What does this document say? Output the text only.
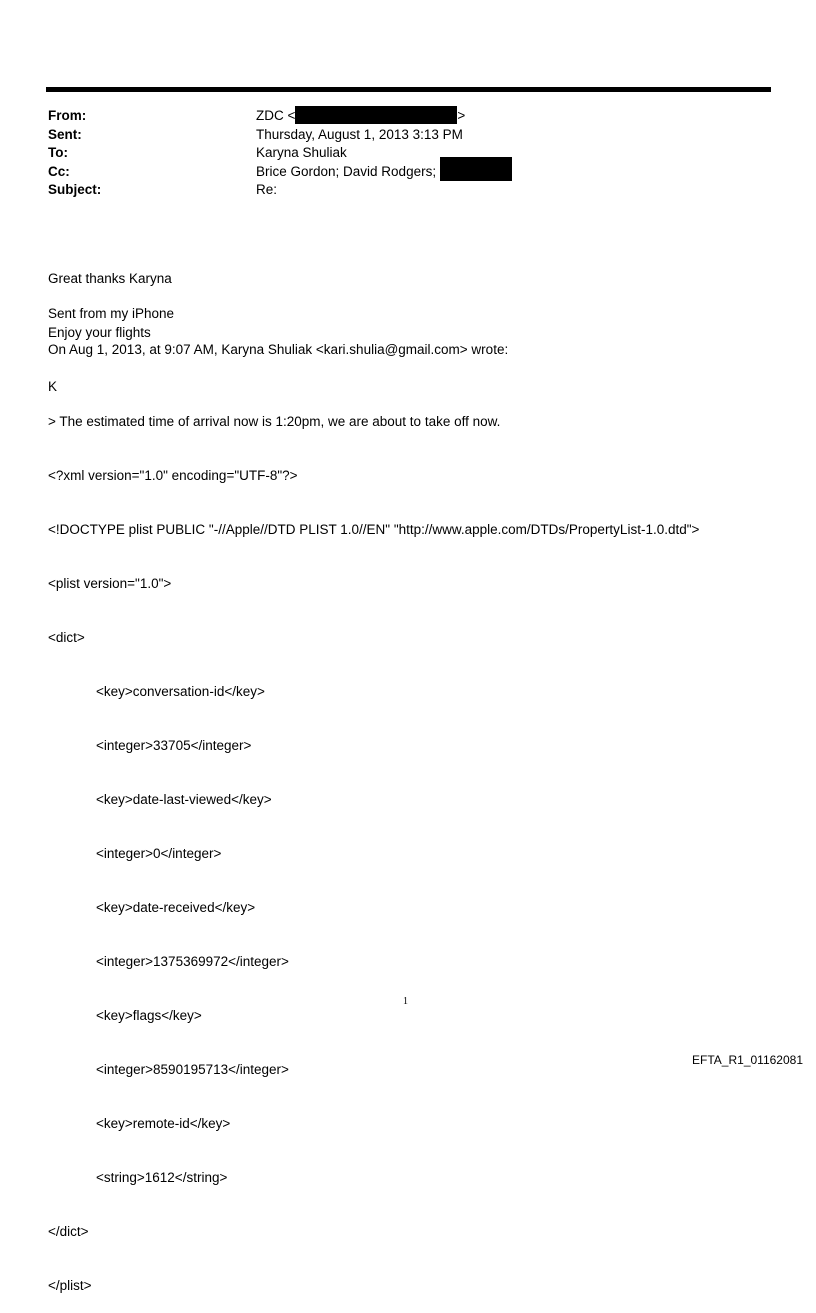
From:	ZDC <	>
Sent:	Thursday, August 1, 2013 3:13 PM
To:	Karyna Shuliak
Cc:	Brice Gordon; David Rodgers;
Subject:	Re:

Great thanks Karyna

Enjoy your flights

K

Sent from my iPhone
On Aug 1, 2013, at 9:07 AM, Karyna Shuliak <kari.shulia@gmail.com> wrote:

> The estimated time of arrival now is 1:20pm, we are about to take off now.

<?xml version="1.0" encoding="UTF-8"?>

<!DOCTYPE plist PUBLIC "-//Apple//DTD PLIST 1.0//EN" "http://www.apple.com/DTDs/PropertyList-1.0.dtd">

<plist version="1.0">

<dict>

<key>conversation-id</key>

<integer>33705</integer>

<key>date-last-viewed</key>

<integer>0</integer>

<key>date-received</key>

<integer>1375369972</integer>

<key>flags</key>

<integer>8590195713</integer>

<key>remote-id</key>

<string>1612</string>

</dict>

</plist>

1
EFTA_R1_01162081
